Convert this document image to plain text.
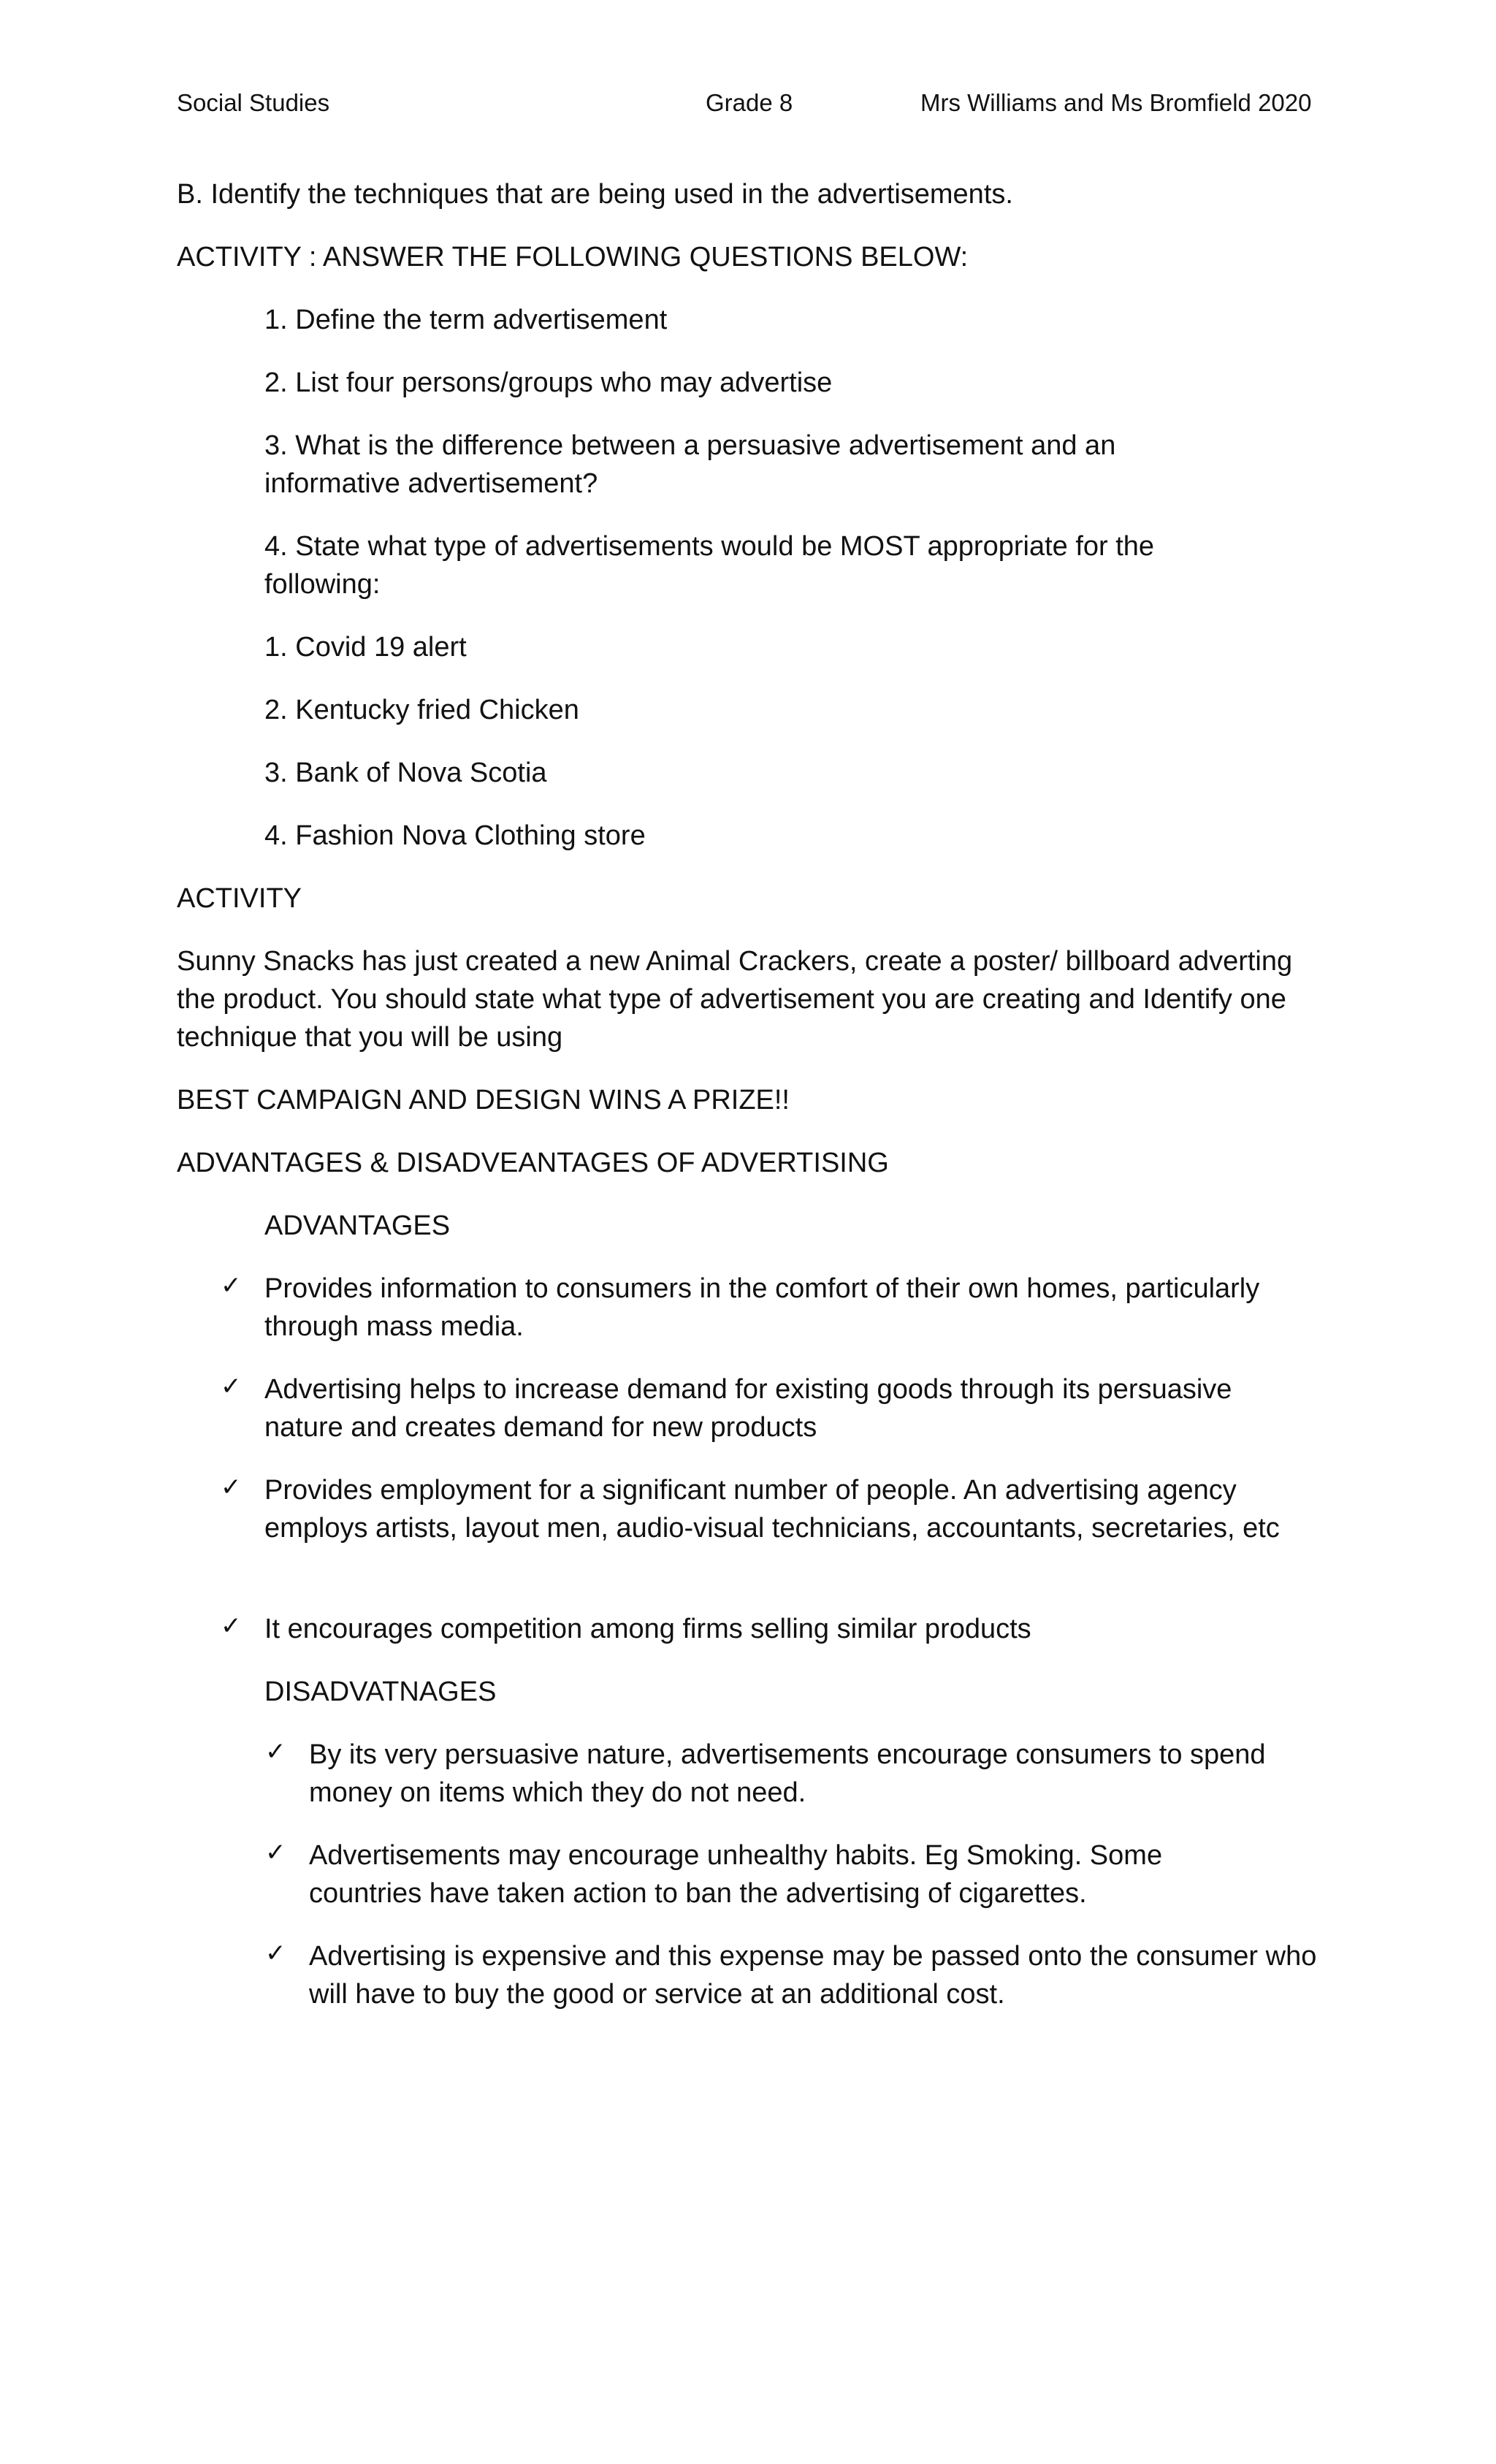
Social Studies	Grade 8	Mrs Williams and Ms Bromfield 2020
B. Identify the techniques that are being used in the advertisements.
ACTIVITY : ANSWER THE FOLLOWING QUESTIONS BELOW:
1. Define the term advertisement
2. List four persons/groups who may advertise
3. What is the difference between a persuasive advertisement and an informative advertisement?
4. State what type of advertisements would be MOST appropriate for the following:
1. Covid 19 alert
2. Kentucky fried Chicken
3. Bank of Nova Scotia
4. Fashion Nova Clothing store
ACTIVITY
Sunny Snacks has just created a new Animal Crackers, create a poster/ billboard adverting the product. You should state what type of advertisement you are creating and Identify one technique that you will be using
BEST CAMPAIGN AND DESIGN WINS A PRIZE!!
ADVANTAGES & DISADVEANTAGES OF ADVERTISING
ADVANTAGES
✓ Provides information to consumers in the comfort of their own homes, particularly through mass media.
✓ Advertising helps to increase demand for existing goods through its persuasive nature and creates demand for new products
✓ Provides employment for a significant number of people. An advertising agency employs artists, layout men, audio-visual technicians, accountants, secretaries, etc
✓ It encourages competition among firms selling similar products
DISADVATNAGES
✓ By its very persuasive nature, advertisements encourage consumers to spend money on items which they do not need.
✓ Advertisements may encourage unhealthy habits. Eg Smoking. Some countries have taken action to ban the advertising of cigarettes.
✓ Advertising is expensive and this expense may be passed onto the consumer who will have to buy the good or service at an additional cost.
